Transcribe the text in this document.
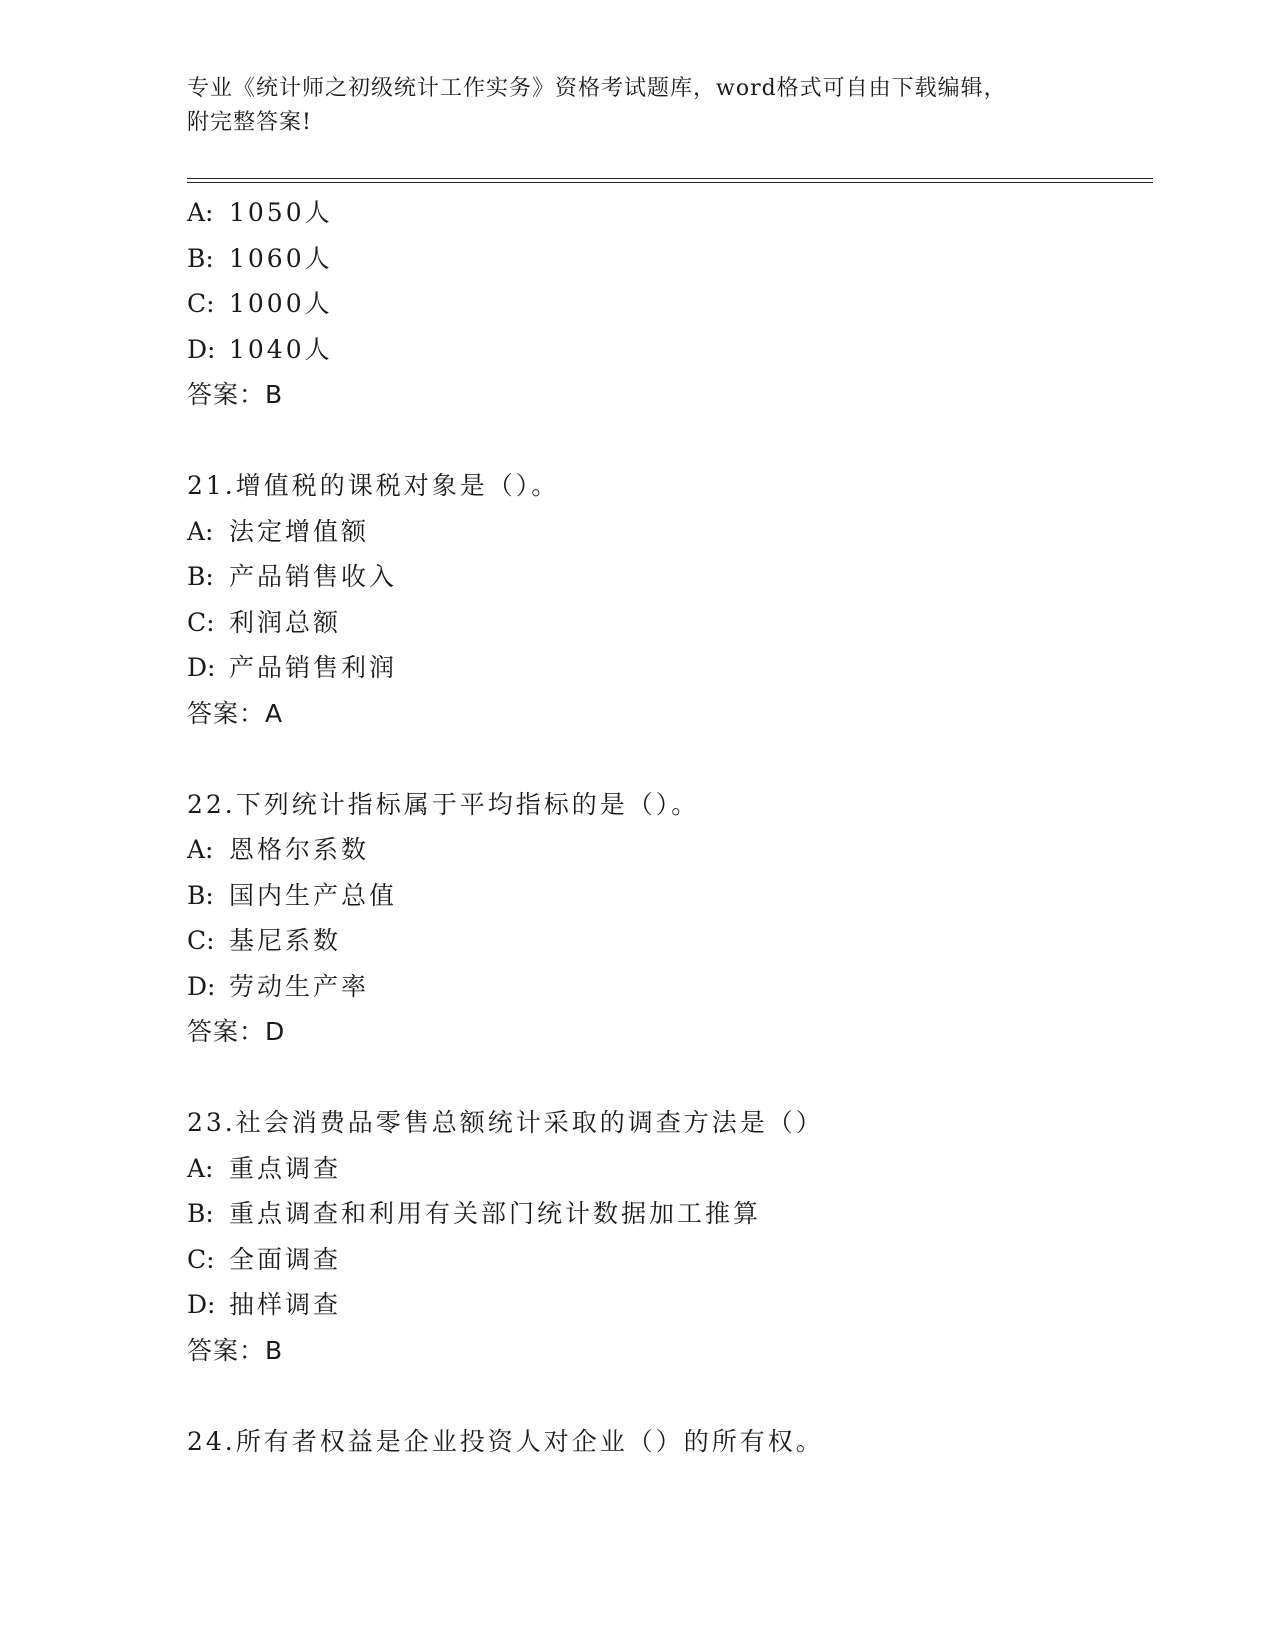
专业《统计师之初级统计工作实务》资格考试题库，word格式可自由下载编辑，
附完整答案!
A: 1050人
B: 1060人
C: 1000人
D: 1040人
答案：B
21.增值税的课税对象是（）。
A: 法定增值额
B: 产品销售收入
C: 利润总额
D: 产品销售利润
答案：A
22.下列统计指标属于平均指标的是（）。
A: 恩格尔系数
B: 国内生产总值
C: 基尼系数
D: 劳动生产率
答案：D
23.社会消费品零售总额统计采取的调查方法是（）
A: 重点调查
B: 重点调查和利用有关部门统计数据加工推算
C: 全面调查
D: 抽样调查
答案：B
24.所有者权益是企业投资人对企业（）的所有权。
